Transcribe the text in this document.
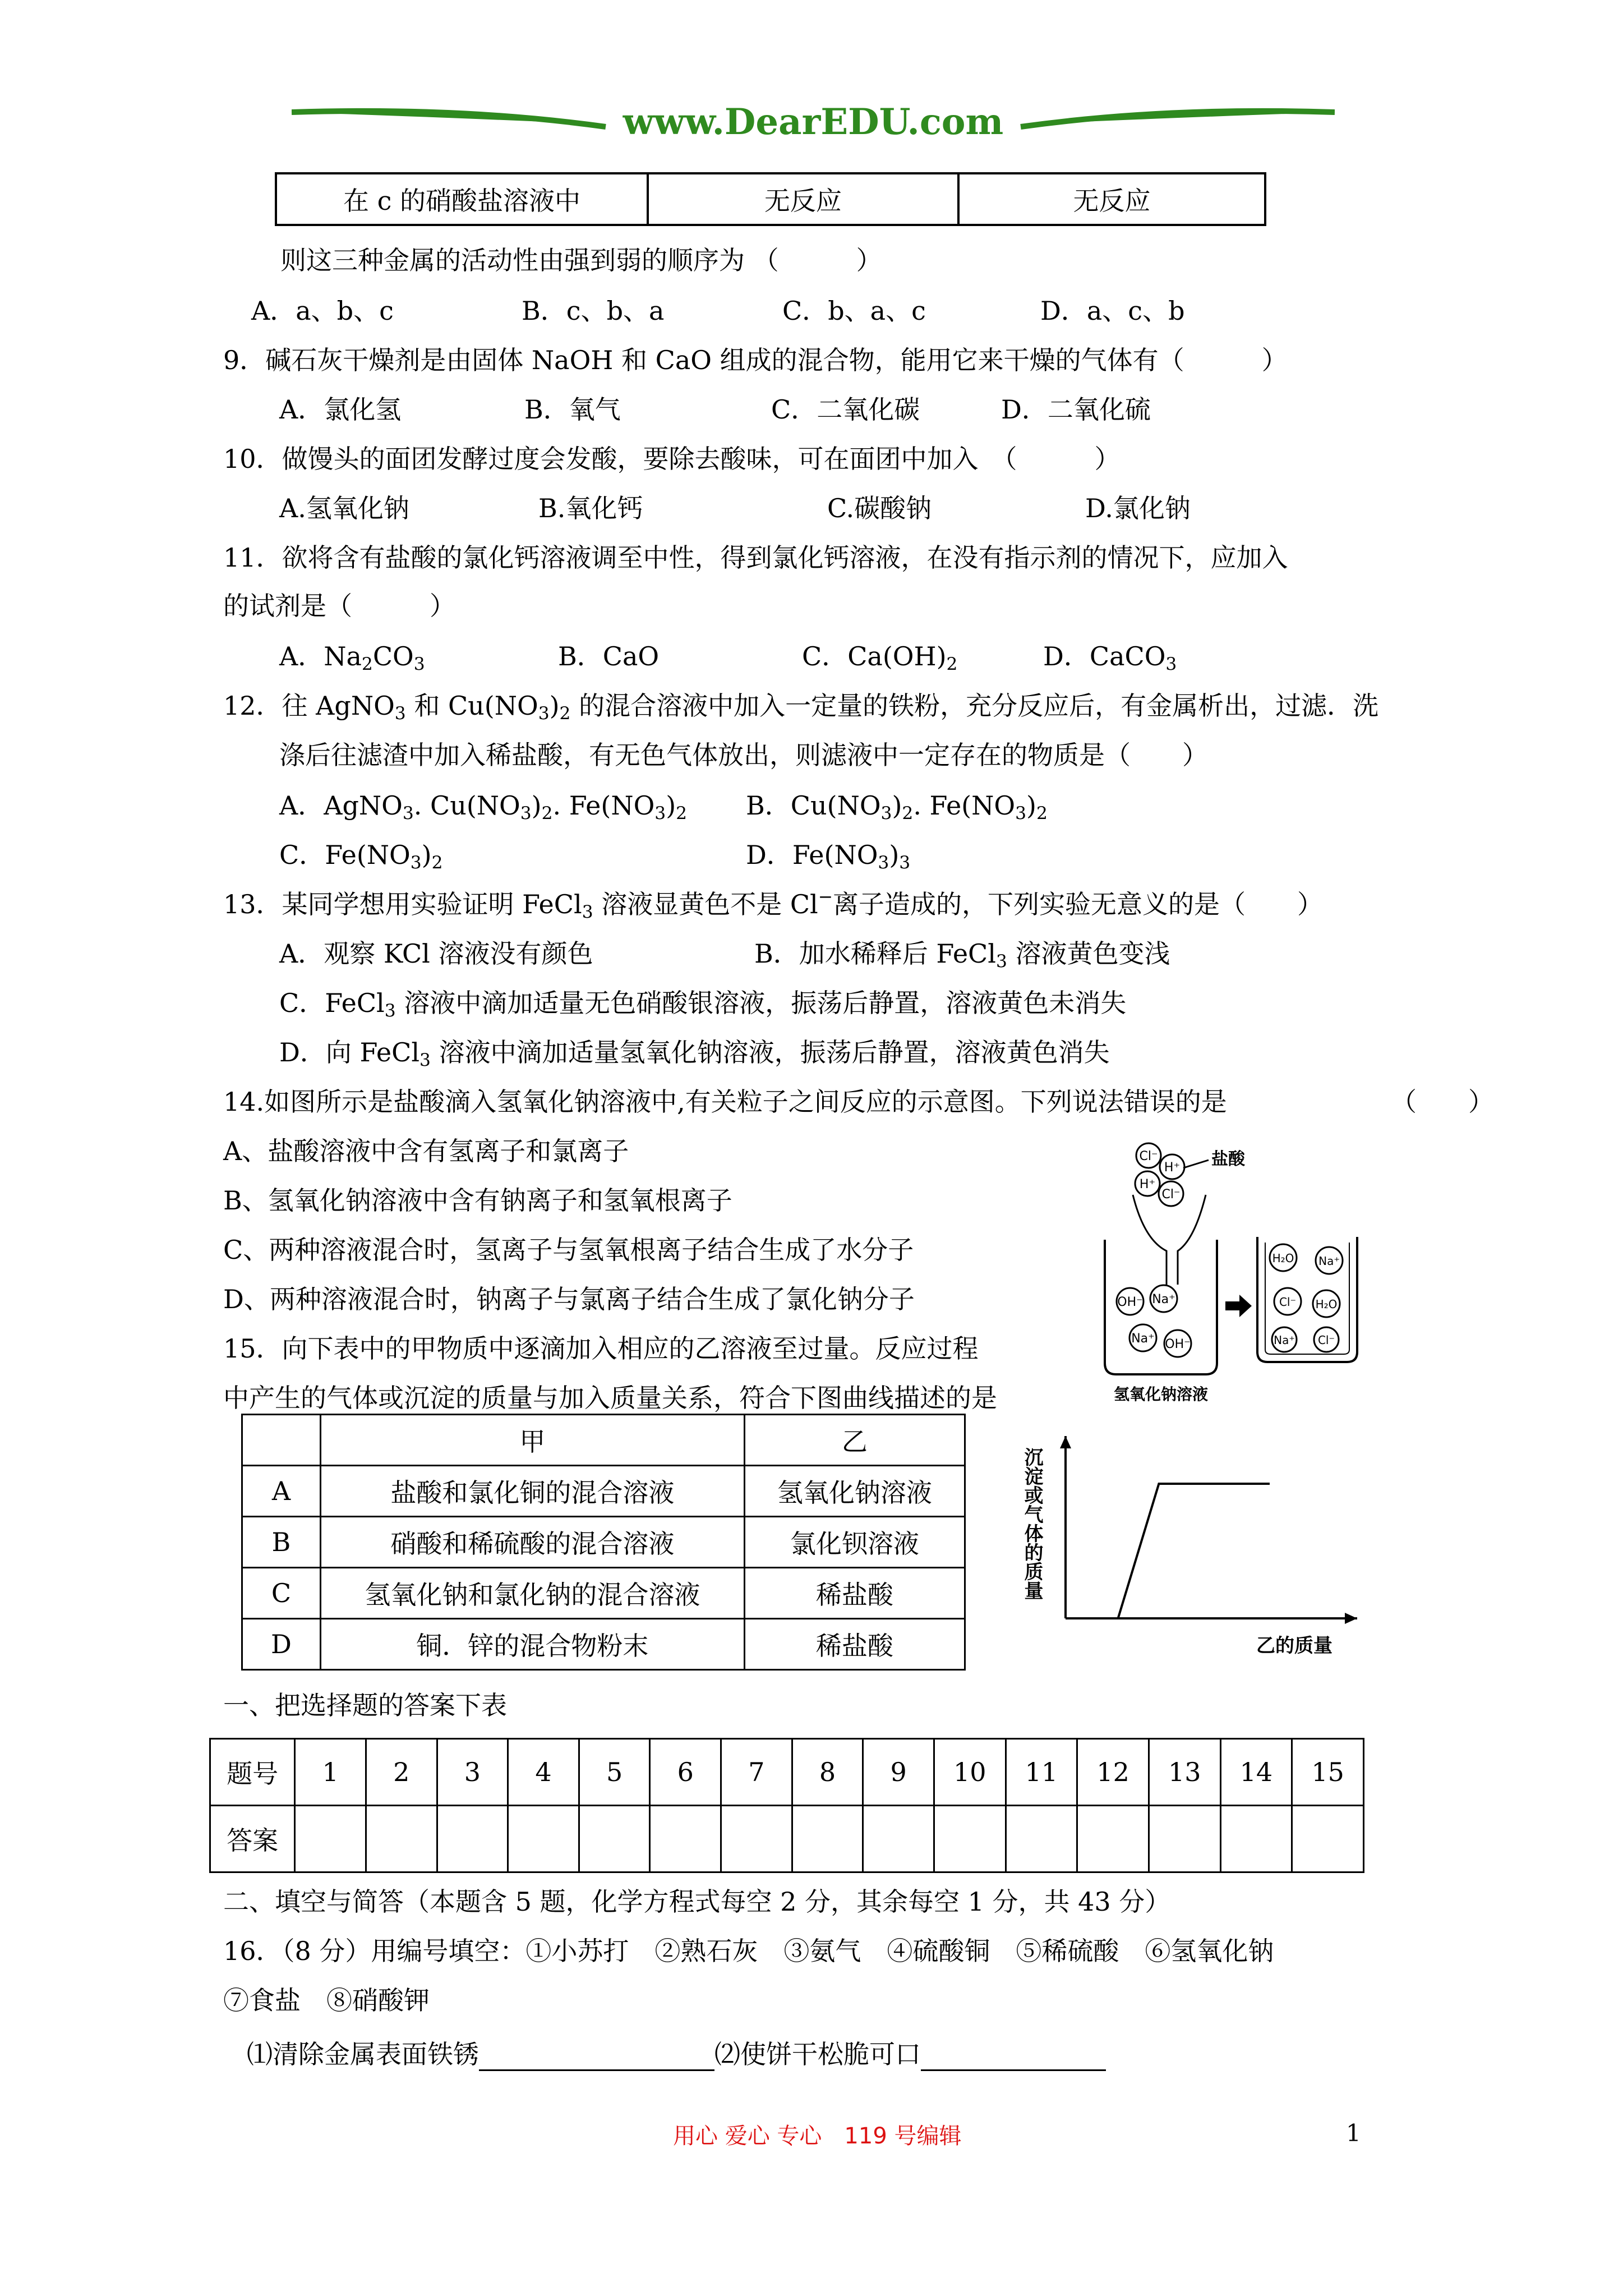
www.DearEDU.com
在 c 的硝酸盐溶液中	无反应	无反应
则这三种金属的活动性由强到弱的顺序为 （　　　）
A．a、b、c	B．c、b、a	C．b、a、c	D．a、c、b
9．碱石灰干燥剂是由固体 NaOH 和 CaO 组成的混合物，能用它来干燥的气体有（　　　）
A．氯化氢	B．氧气	C．二氧化碳	D．二氧化硫
10．做馒头的面团发酵过度会发酸，要除去酸味，可在面团中加入　（　　　）
A.氢氧化钠	B.氧化钙	C.碳酸钠	D.氯化钠
11．欲将含有盐酸的氯化钙溶液调至中性，得到氯化钙溶液，在没有指示剂的情况下，应加入
的试剂是（　　　）
A．$Na_2CO_3$	B．CaO	C．$Ca(OH)_2$	D．CaCO$_3$
12．往 AgNO$_3$ 和 $Cu(NO_3)_2$ 的混合溶液中加入一定量的铁粉，充分反应后，有金属析出，过滤．洗
涤后往滤渣中加入稀盐酸，有无色气体放出，则滤液中一定存在的物质是（　　）
A．AgNO$_3$. $Cu(NO_3)_2$. $Fe(NO_3)_2$ B．$Cu(NO_3)_2$. $Fe(NO_3)_2$
C．$Fe(NO_3)_2$	D．$Fe(NO_3)_3$
13．某同学想用实验证明 FeCl$_3$ 溶液显黄色不是 Cl−离子造成的，下列实验无意义的是（　　）
A．观察 KCl 溶液没有颜色	B．加水稀释后 FeCl$_3$ 溶液黄色变浅
C．FeCl$_3$ 溶液中滴加适量无色硝酸银溶液，振荡后静置，溶液黄色未消失
D．向 FeCl$_3$ 溶液中滴加适量氢氧化钠溶液，振荡后静置，溶液黄色消失
14.如图所示是盐酸滴入氢氧化钠溶液中,有关粒子之间反应的示意图。下列说法错误的是	（　　）
A、盐酸溶液中含有氢离子和氯离子
B、氢氧化钠溶液中含有钠离子和氢氧根离子
C、两种溶液混合时，氢离子与氢氧根离子结合生成了水分子
D、两种溶液混合时，钠离子与氯离子结合生成了氯化钠分子
Cl⁻
H⁺
H⁺
Cl⁻
盐酸
OH⁻ Na⁺
Na⁺ OH⁻
氢氧化钠溶液
H₂O Na⁺
Cl⁻ H₂O
Na⁺ Cl⁻
15．向下表中的甲物质中逐滴加入相应的乙溶液至过量。反应过程
中产生的气体或沉淀的质量与加入质量关系，符合下图曲线描述的是
	甲	乙
A	盐酸和氯化铜的混合溶液	氢氧化钠溶液
B	硝酸和稀硫酸的混合溶液	氯化钡溶液
C	氢氧化钠和氯化钠的混合溶液	稀盐酸
D	铜．锌的混合物粉末	稀盐酸
沉淀或气体的质量
乙的质量
一、把选择题的答案下表
题号	1	2	3	4	5	6	7	8	9	10	11	12	13	14	15
答案															
二、填空与简答（本题含 5 题，化学方程式每空 2 分，其余每空 1 分，共 43 分）
16．（8 分）用编号填空：①小苏打　②熟石灰　③氨气　④硫酸铜　⑤稀硫酸　⑥氢氧化钠
⑦食盐　⑧硝酸钾
⑴清除金属表面铁锈	⑵使饼干松脆可口
用心 爱心 专心　119 号编辑	1
